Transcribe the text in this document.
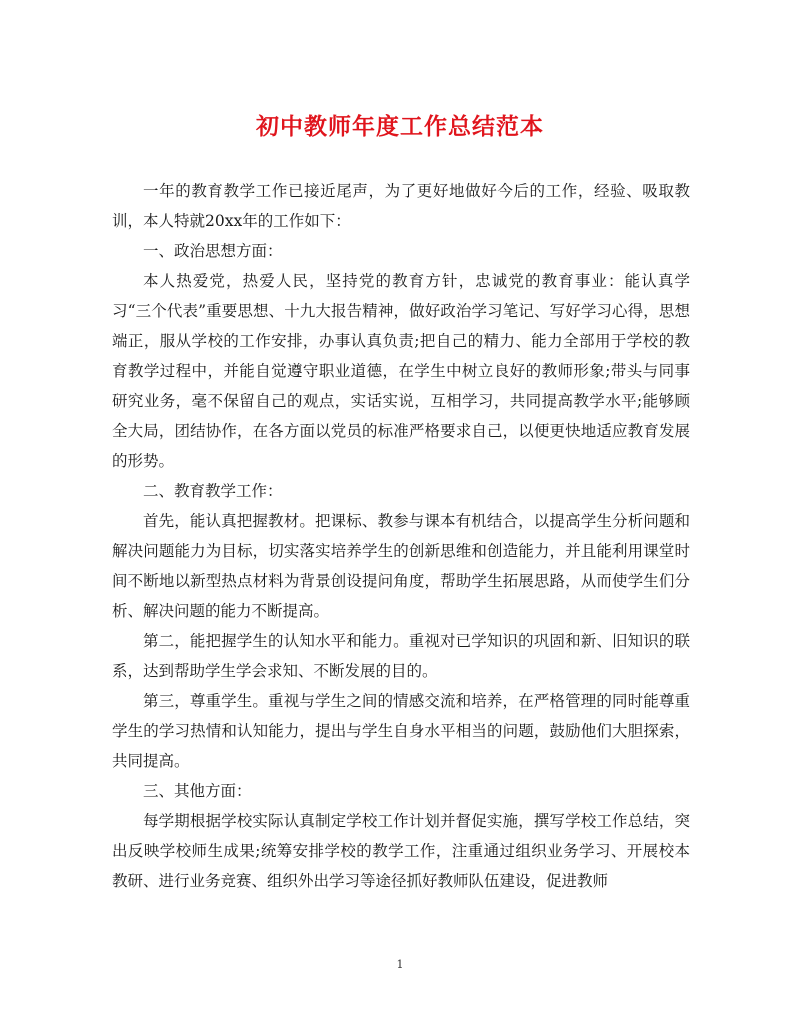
初中教师年度工作总结范本

一年的教育教学工作已接近尾声，为了更好地做好今后的工作，经验、吸取教训，本人特就20xx年的工作如下：

一、政治思想方面：

本人热爱党，热爱人民，坚持党的教育方针，忠诚党的教育事业：能认真学习“三个代表”重要思想、十九大报告精神，做好政治学习笔记、写好学习心得，思想端正，服从学校的工作安排，办事认真负责;把自己的精力、能力全部用于学校的教育教学过程中，并能自觉遵守职业道德，在学生中树立良好的教师形象;带头与同事研究业务，毫不保留自己的观点，实话实说，互相学习，共同提高教学水平;能够顾全大局，团结协作，在各方面以党员的标准严格要求自己，以便更快地适应教育发展的形势。

二、教育教学工作：

首先，能认真把握教材。把课标、教参与课本有机结合，以提高学生分析问题和解决问题能力为目标，切实落实培养学生的创新思维和创造能力，并且能利用课堂时间不断地以新型热点材料为背景创设提问角度，帮助学生拓展思路，从而使学生们分析、解决问题的能力不断提高。

第二，能把握学生的认知水平和能力。重视对已学知识的巩固和新、旧知识的联系，达到帮助学生学会求知、不断发展的目的。

第三，尊重学生。重视与学生之间的情感交流和培养，在严格管理的同时能尊重学生的学习热情和认知能力，提出与学生自身水平相当的问题，鼓励他们大胆探索，共同提高。

三、其他方面：

每学期根据学校实际认真制定学校工作计划并督促实施，撰写学校工作总结，突出反映学校师生成果;统筹安排学校的教学工作，注重通过组织业务学习、开展校本教研、进行业务竞赛、组织外出学习等途径抓好教师队伍建设，促进教师

1
